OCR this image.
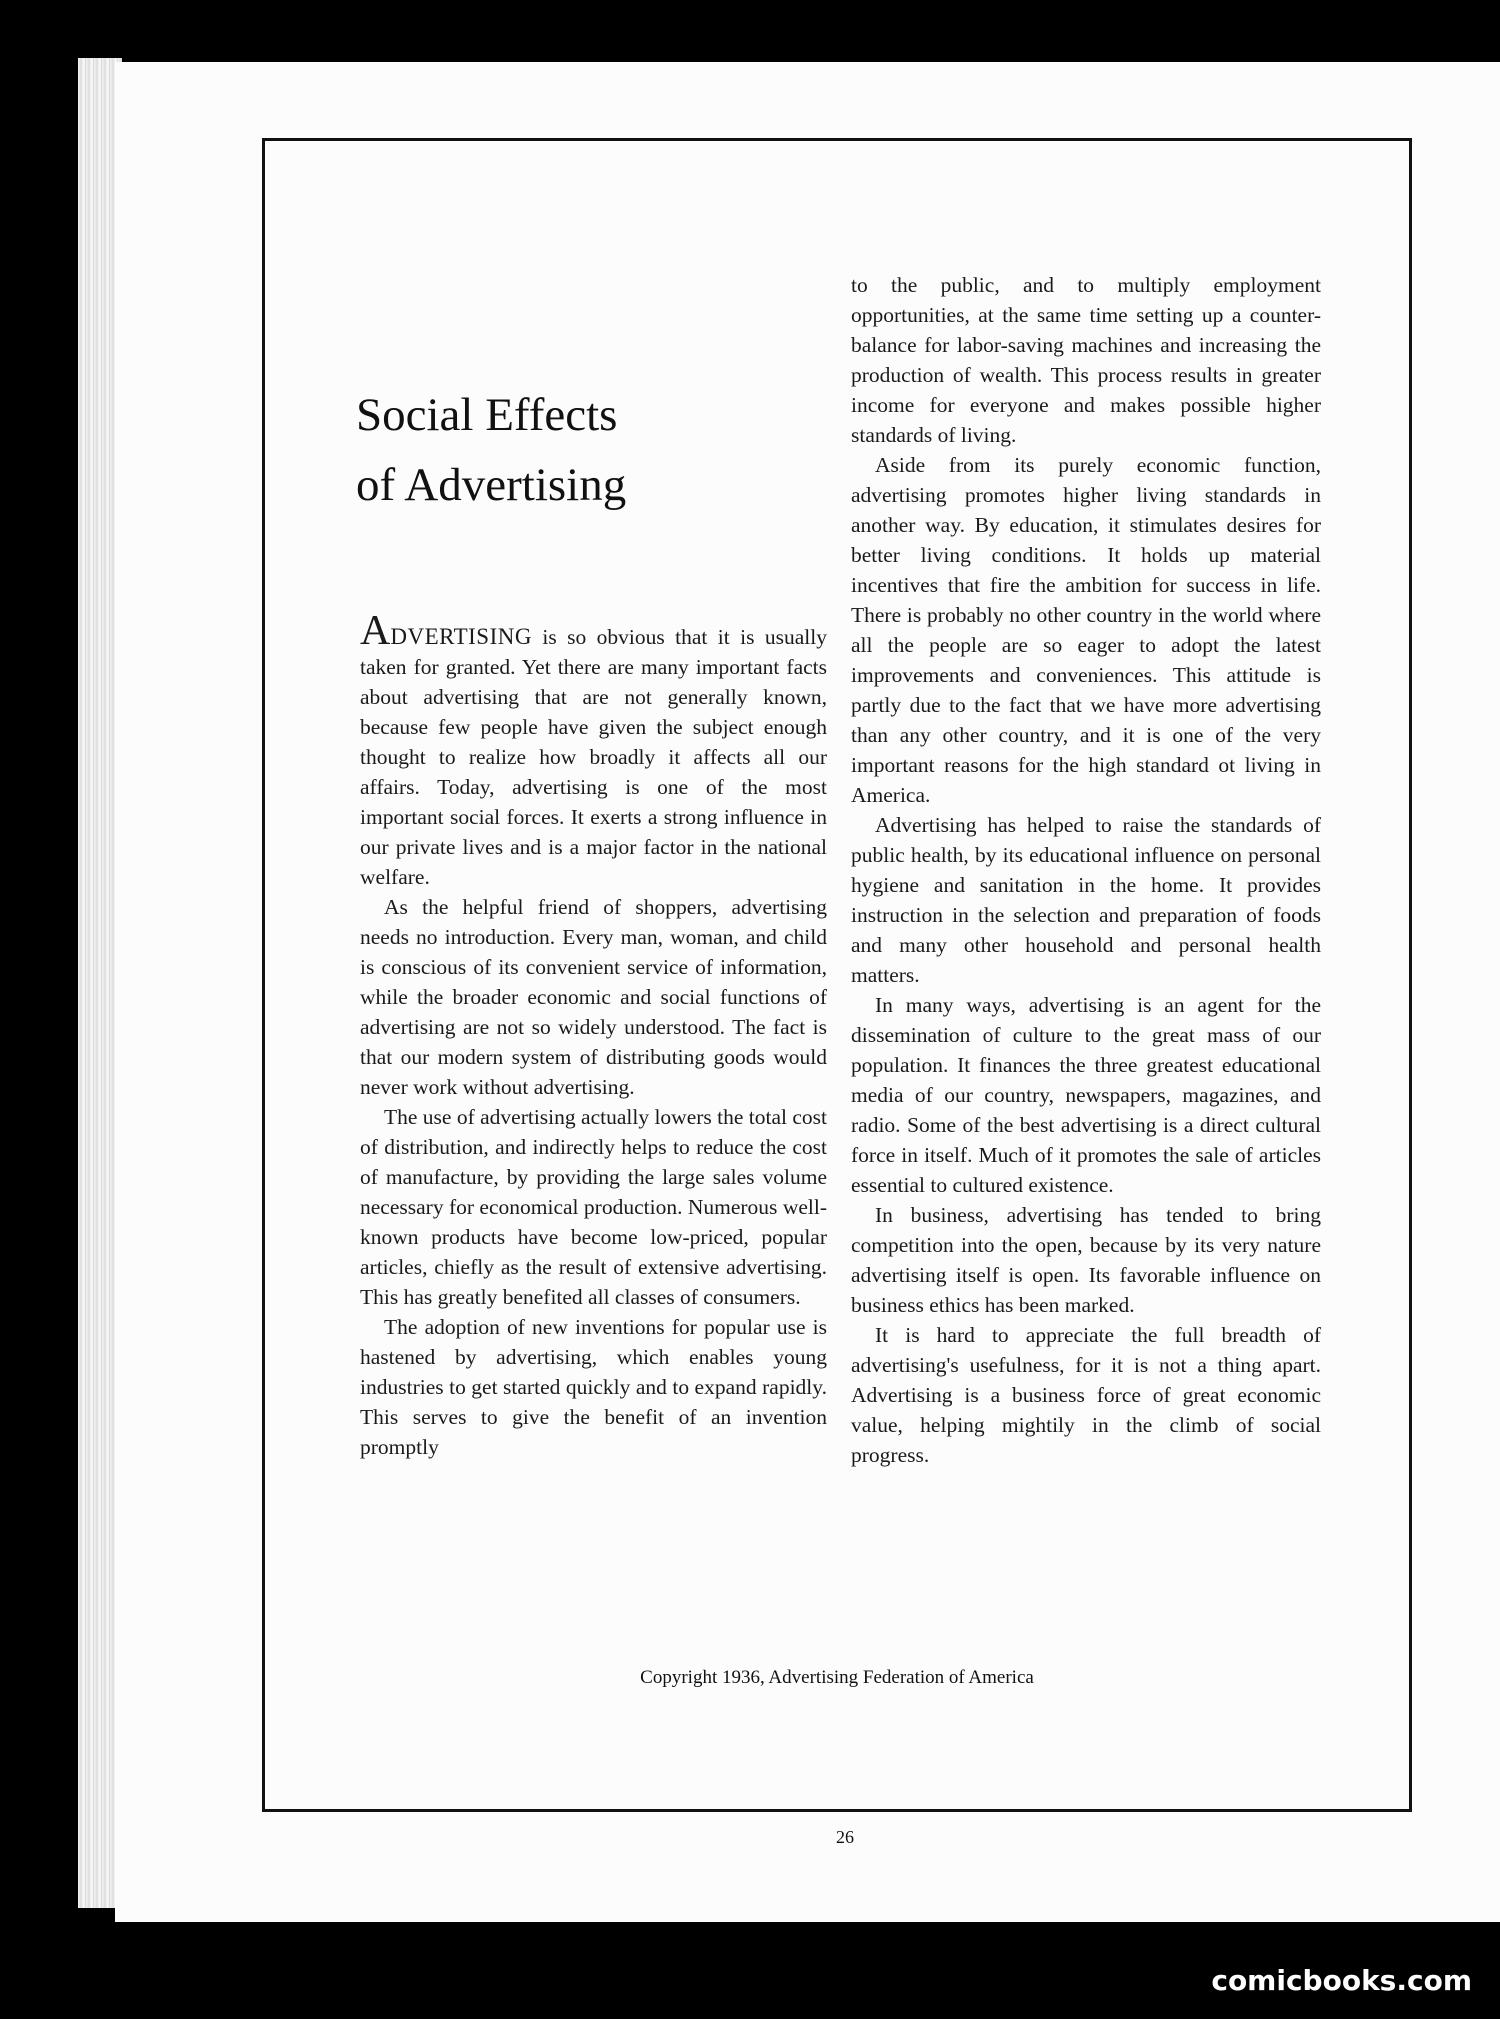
Social Effects
of Advertising

ADVERTISING is so obvious that it is usually taken for granted. Yet there are many important facts about advertising that are not generally known, because few people have given the subject enough thought to realize how broadly it affects all our affairs. Today, advertising is one of the most important social forces. It exerts a strong influence in our private lives and is a major factor in the national welfare.

As the helpful friend of shoppers, advertising needs no introduction. Every man, woman, and child is conscious of its convenient service of information, while the broader economic and social functions of advertising are not so widely understood. The fact is that our modern system of distributing goods would never work without advertising.

The use of advertising actually lowers the total cost of distribution, and indirectly helps to reduce the cost of manufacture, by providing the large sales volume necessary for economical production. Numerous well-known products have become low-priced, popular articles, chiefly as the result of extensive advertising. This has greatly benefited all classes of consumers.

The adoption of new inventions for popular use is hastened by advertising, which enables young industries to get started quickly and to expand rapidly. This serves to give the benefit of an invention promptly

to the public, and to multiply employment opportunities, at the same time setting up a counter-balance for labor-saving machines and increasing the production of wealth. This process results in greater income for everyone and makes possible higher standards of living.

Aside from its purely economic function, advertising promotes higher living standards in another way. By education, it stimulates desires for better living conditions. It holds up material incentives that fire the ambition for success in life. There is probably no other country in the world where all the people are so eager to adopt the latest improvements and conveniences. This attitude is partly due to the fact that we have more advertising than any other country, and it is one of the very important reasons for the high standard ot living in America.

Advertising has helped to raise the standards of public health, by its educational influence on personal hygiene and sanitation in the home. It provides instruction in the selection and preparation of foods and many other household and personal health matters.

In many ways, advertising is an agent for the dissemination of culture to the great mass of our population. It finances the three greatest educational media of our country, newspapers, magazines, and radio. Some of the best advertising is a direct cultural force in itself. Much of it promotes the sale of articles essential to cultured existence.

In business, advertising has tended to bring competition into the open, because by its very nature advertising itself is open. Its favorable influence on business ethics has been marked.

It is hard to appreciate the full breadth of advertising's usefulness, for it is not a thing apart. Advertising is a business force of great economic value, helping mightily in the climb of social progress.

Copyright 1936, Advertising Federation of America
26
comicbooks.com
